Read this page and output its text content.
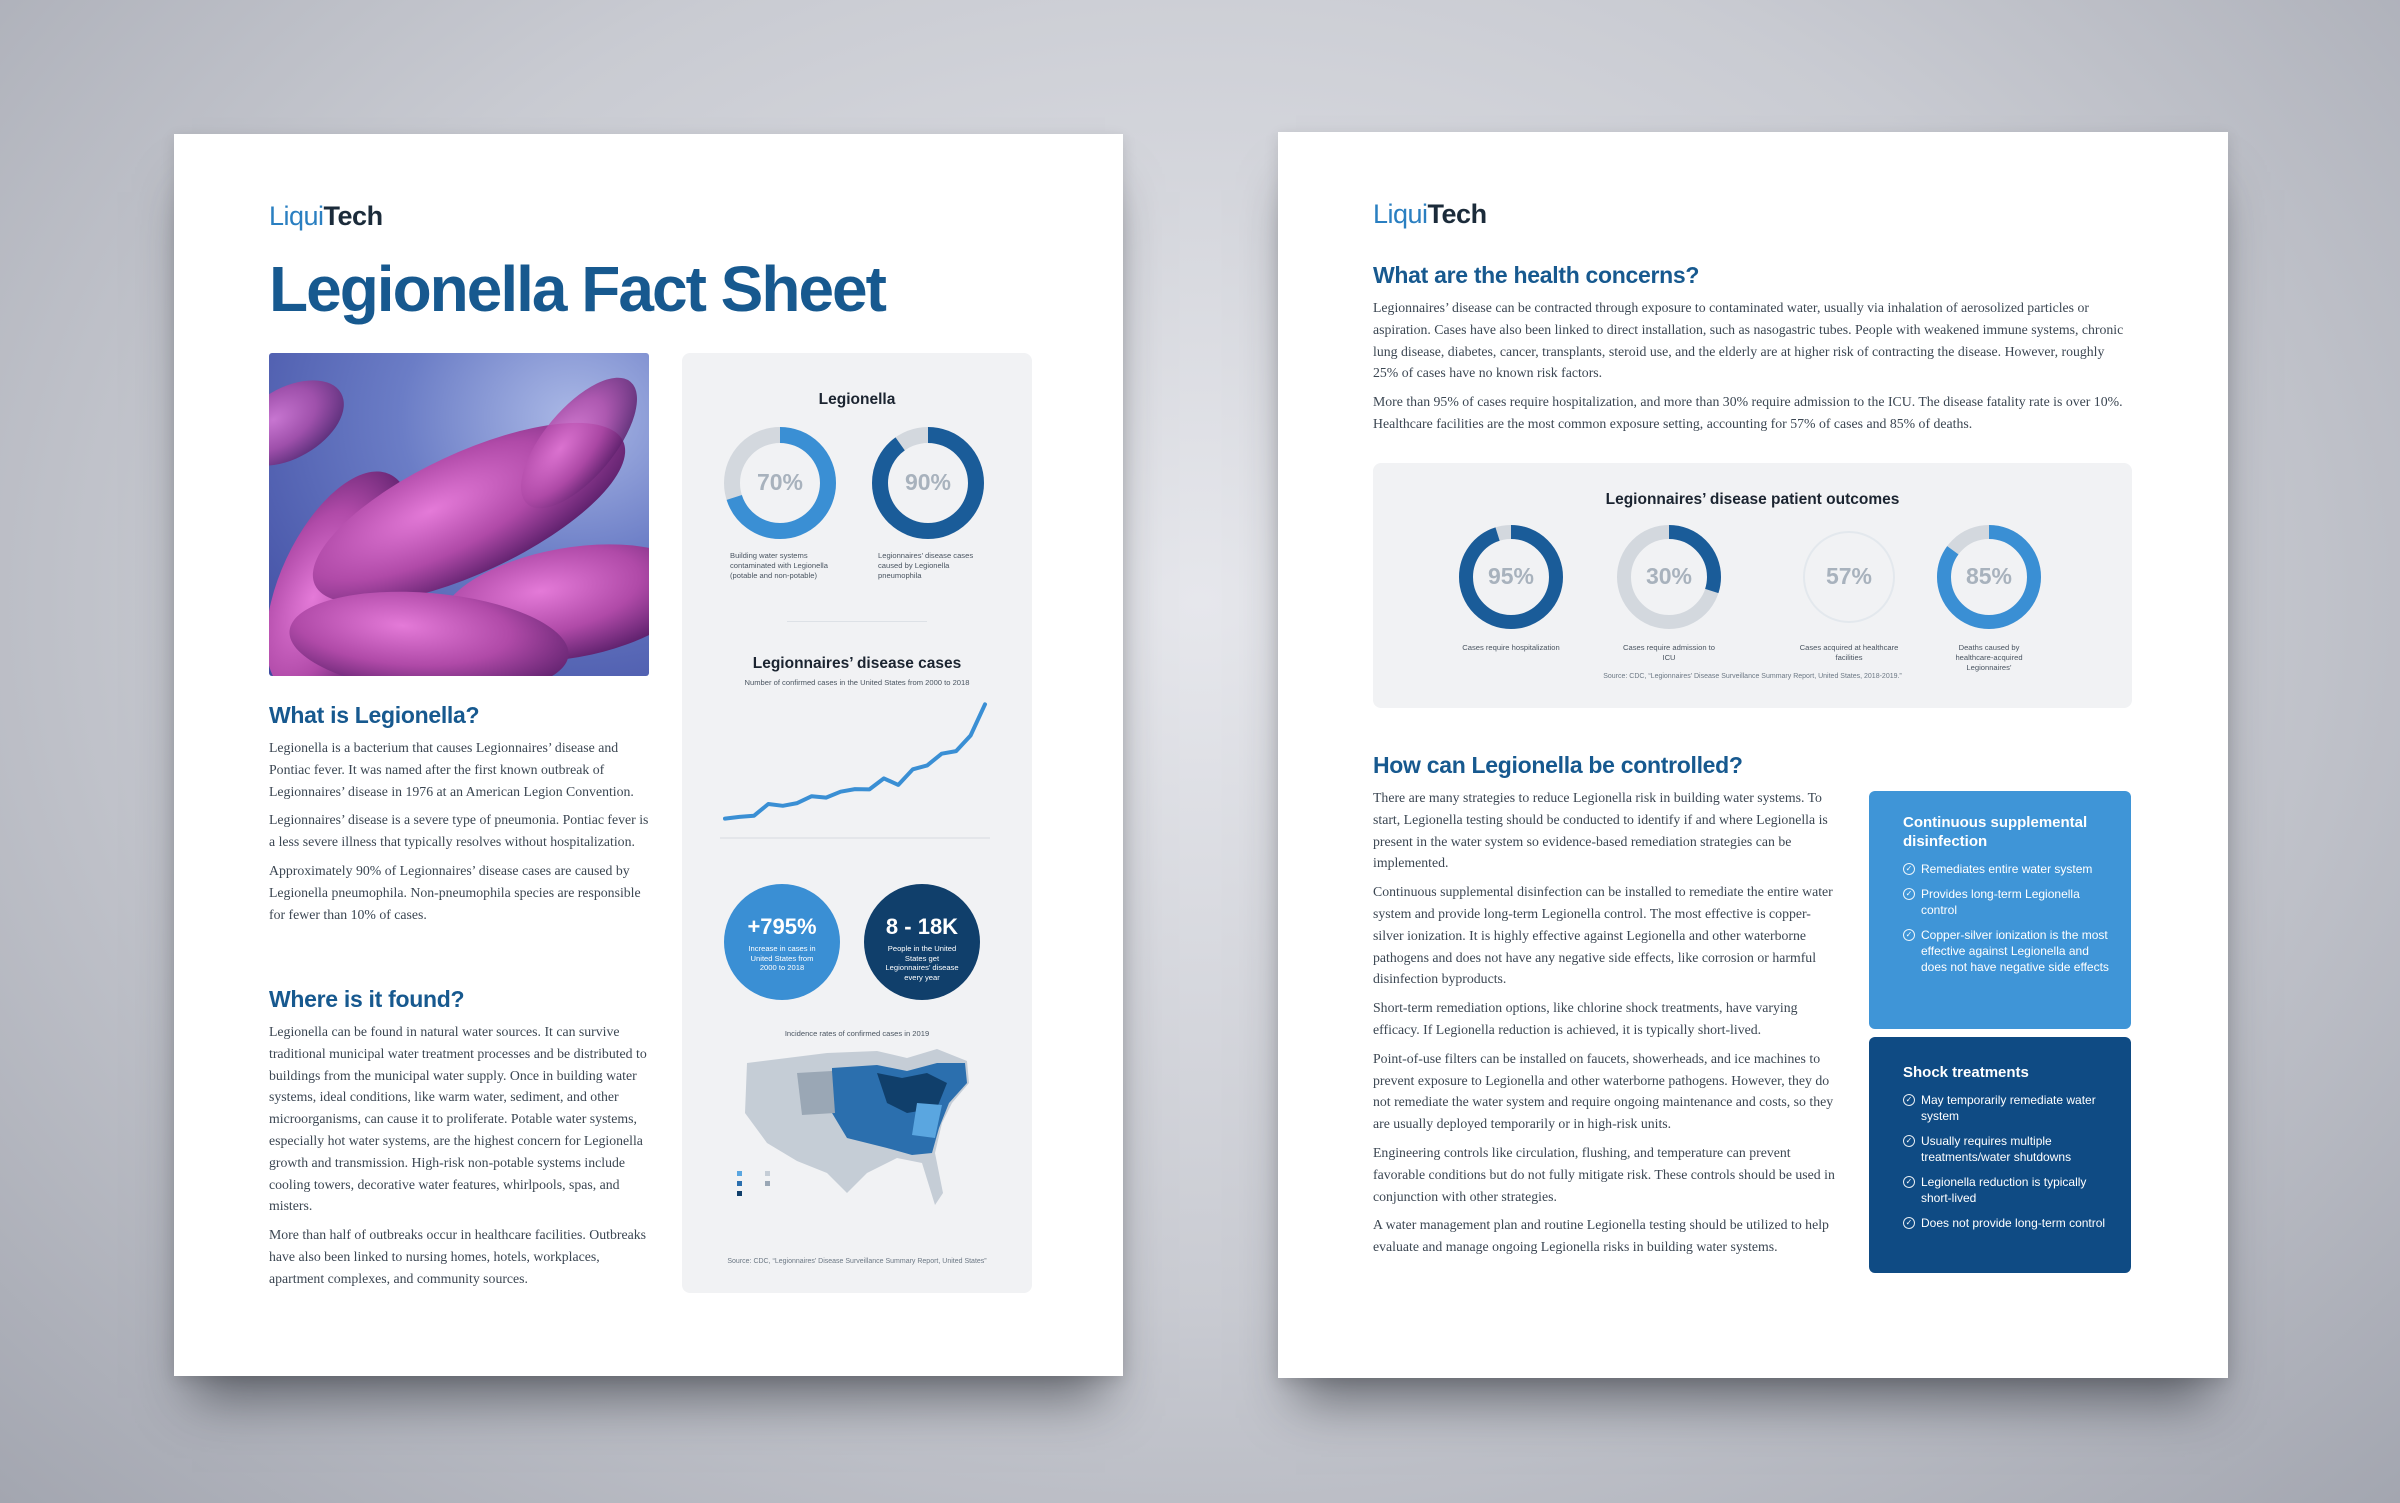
LiquiTech
Legionella Fact Sheet
What is Legionella?

Legionella is a bacterium that causes Legionnaires’ disease and Pontiac fever. It was named after the first known outbreak of Legionnaires’ disease in 1976 at an American Legion Convention.

Legionnaires’ disease is a severe type of pneumonia. Pontiac fever is a less severe illness that typically resolves without hospitalization.

Approximately 90% of Legionnaires’ disease cases are caused by Legionella pneumophila. Non-pneumophila species are responsible for fewer than 10% of cases.

Where is it found?

Legionella can be found in natural water sources. It can survive traditional municipal water treatment processes and be distributed to buildings from the municipal water supply. Once in building water systems, ideal conditions, like warm water, sediment, and other microorganisms, can cause it to proliferate. Potable water systems, especially hot water systems, are the highest concern for Legionella growth and transmission. High-risk non-potable systems include cooling towers, decorative water features, whirlpools, spas, and misters.

More than half of outbreaks occur in healthcare facilities. Outbreaks have also been linked to nursing homes, hotels, workplaces, apartment complexes, and community sources.

Legionella
70%
Building water systems contaminated with Legionella (potable and non-potable)
90%
Legionnaires’ disease cases caused by Legionella pneumophila
Legionnaires’ disease cases
Number of confirmed cases in the United States from 2000 to 2018
+795%
Increase in cases in United States from 2000 to 2018
8 - 18K
People in the United States get Legionnaires’ disease every year
Incidence rates of confirmed cases in 2019
Source: CDC, “Legionnaires’ Disease Surveillance Summary Report, United States”
LiquiTech
What are the health concerns?

Legionnaires’ disease can be contracted through exposure to contaminated water, usually via inhalation of aerosolized particles or aspiration. Cases have also been linked to direct installation, such as nasogastric tubes. People with weakened immune systems, chronic lung disease, diabetes, cancer, transplants, steroid use, and the elderly are at higher risk of contracting the disease. However, roughly 25% of cases have no known risk factors.

More than 95% of cases require hospitalization, and more than 30% require admission to the ICU. The disease fatality rate is over 10%. Healthcare facilities are the most common exposure setting, accounting for 57% of cases and 85% of deaths.

Legionnaires’ disease patient outcomes
95%
Cases require hospitalization
30%
Cases require admission to ICU
57%
Cases acquired at healthcare facilities
85%
Deaths caused by healthcare-acquired Legionnaires’
Source: CDC, “Legionnaires’ Disease Surveillance Summary Report, United States, 2018-2019.”
How can Legionella be controlled?

There are many strategies to reduce Legionella risk in building water systems. To start, Legionella testing should be conducted to identify if and where Legionella is present in the water system so evidence-based remediation strategies can be implemented.

Continuous supplemental disinfection can be installed to remediate the entire water system and provide long-term Legionella control. The most effective is copper-silver ionization. It is highly effective against Legionella and other waterborne pathogens and does not have any negative side effects, like corrosion or harmful disinfection byproducts.

Short-term remediation options, like chlorine shock treatments, have varying efficacy. If Legionella reduction is achieved, it is typically short-lived.

Point-of-use filters can be installed on faucets, showerheads, and ice machines to prevent exposure to Legionella and other waterborne pathogens. However, they do not remediate the water system and require ongoing maintenance and costs, so they are usually deployed temporarily or in high-risk units.

Engineering controls like circulation, flushing, and temperature can prevent favorable conditions but do not fully mitigate risk. These controls should be used in conjunction with other strategies.

A water management plan and routine Legionella testing should be utilized to help evaluate and manage ongoing Legionella risks in building water systems.

Continuous supplemental disinfection
✓ Remediates entire water system
✓ Provides long-term Legionella control
✓ Copper-silver ionization is the most effective against Legionella and does not have negative side effects
Shock treatments
✓ May temporarily remediate water system
✓ Usually requires multiple treatments/water shutdowns
✓ Legionella reduction is typically short-lived
✓ Does not provide long-term control
